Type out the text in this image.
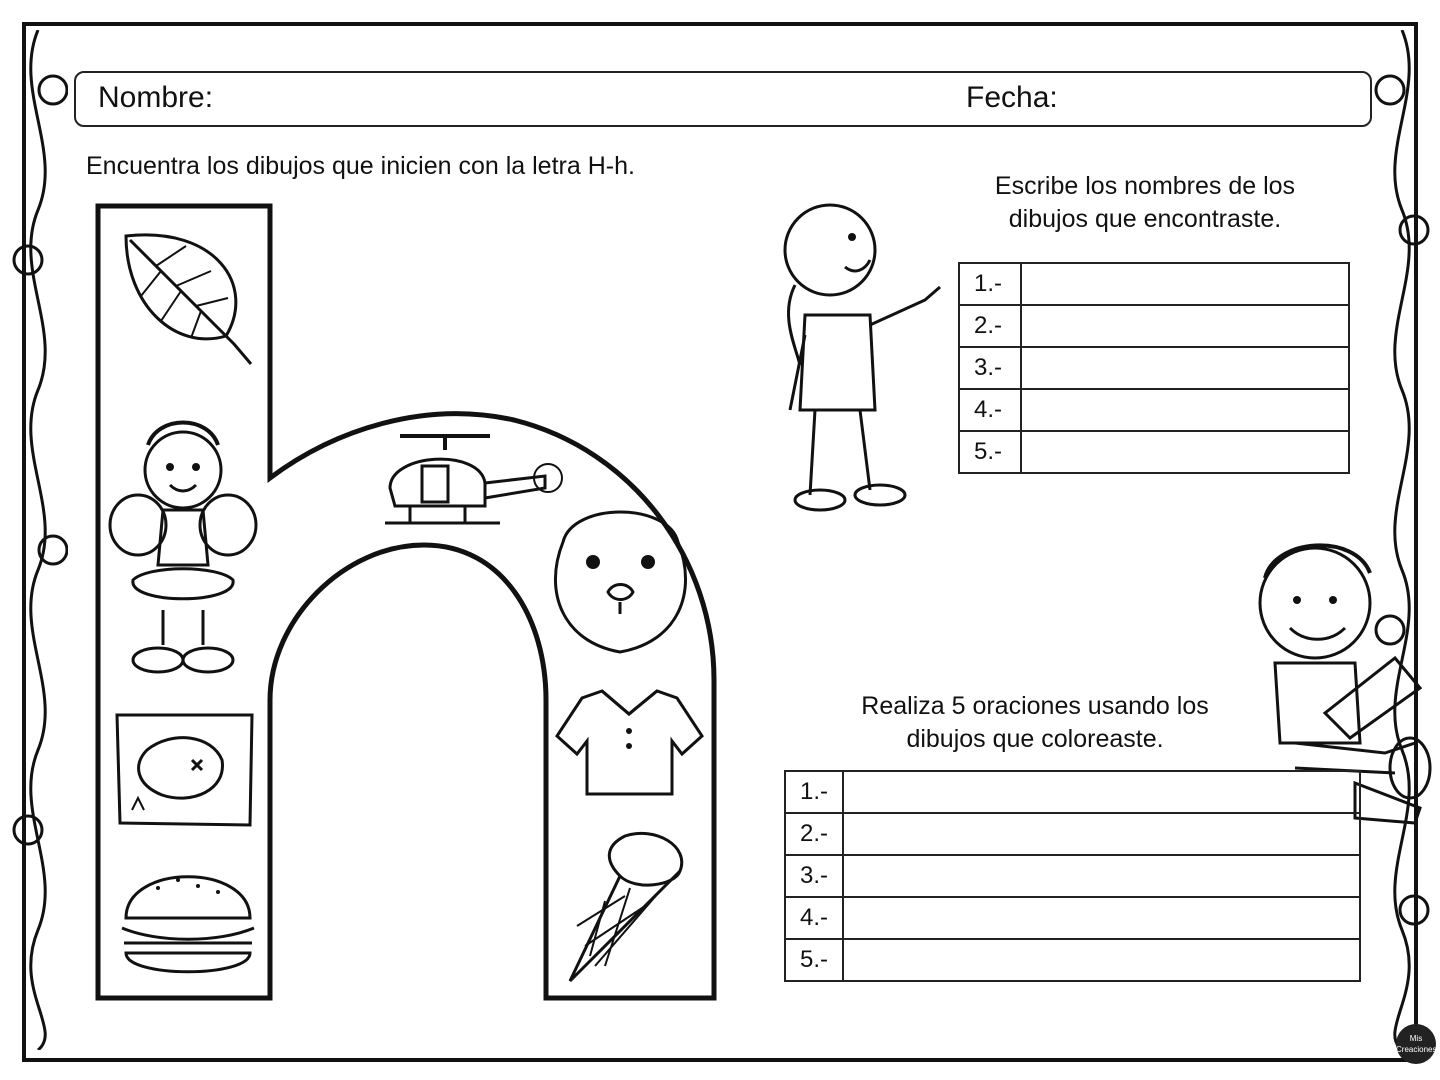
Nombre:	Fecha:
Encuentra los dibujos que inicien con la letra H-h.
Escribe los nombres de los
dibujos que encontraste.
Realiza 5 oraciones usando los
dibujos que coloreaste.
1.-	
2.-	
3.-	
4.-	
5.-	
1.-	
2.-	
3.-	
4.-	
5.-	
Mis Creaciones
